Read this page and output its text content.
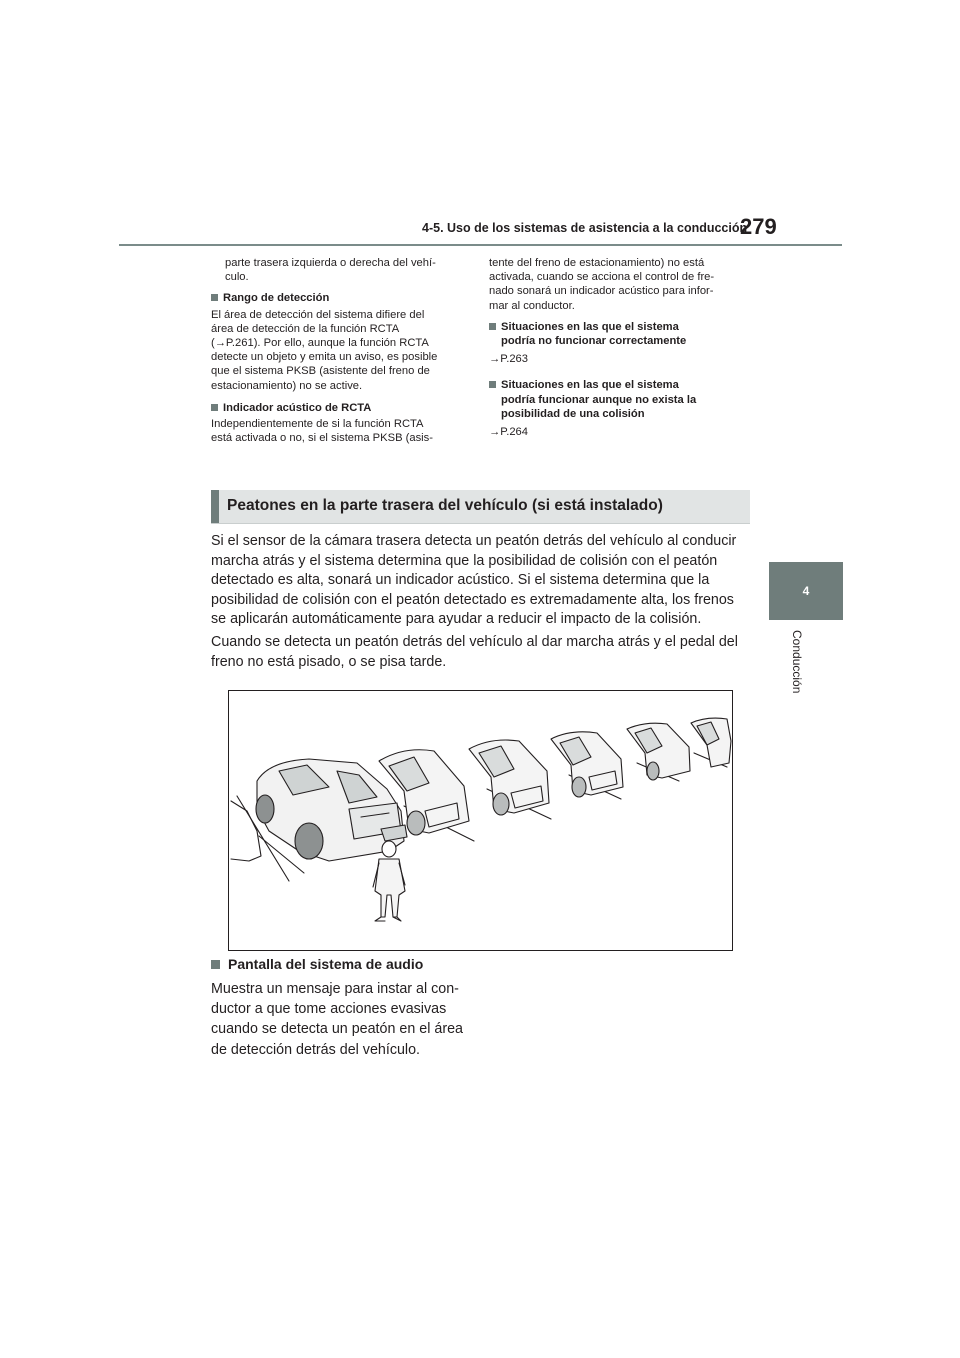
4-5. Uso de los sistemas de asistencia a la conducción
279
4
Conducción

parte trasera izquierda o derecha del vehí-
culo.

Rango de detección

El área de detección del sistema difiere del
área de detección de la función RCTA
(→P.261). Por ello, aunque la función RCTA
detecte un objeto y emita un aviso, es posible
que el sistema PKSB (asistente del freno de
estacionamiento) no se active.

Indicador acústico de RCTA

Independientemente de si la función RCTA
está activada o no, si el sistema PKSB (asis-

tente del freno de estacionamiento) no está
activada, cuando se acciona el control de fre-
nado sonará un indicador acústico para infor-
mar al conductor.

Situaciones en las que el sistema
podría no funcionar correctamente

→P.263

Situaciones en las que el sistema
podría funcionar aunque no exista la
posibilidad de una colisión

→P.264

Peatones en la parte trasera del vehículo (si está instalado)
Si el sensor de la cámara trasera detecta un peatón detrás del vehículo al conducir
marcha atrás y el sistema determina que la posibilidad de colisión con el peatón
detectado es alta, sonará un indicador acústico. Si el sistema determina que la
posibilidad de colisión con el peatón detectado es extremadamente alta, los frenos
se aplicarán automáticamente para ayudar a reducir el impacto de la colisión.
Cuando se detecta un peatón detrás del vehículo al dar marcha atrás y el pedal del
freno no está pisado, o se pisa tarde.
Pantalla del sistema de audio
Muestra un mensaje para instar al con-
ductor a que tome acciones evasivas
cuando se detecta un peatón en el área
de detección detrás del vehículo.
